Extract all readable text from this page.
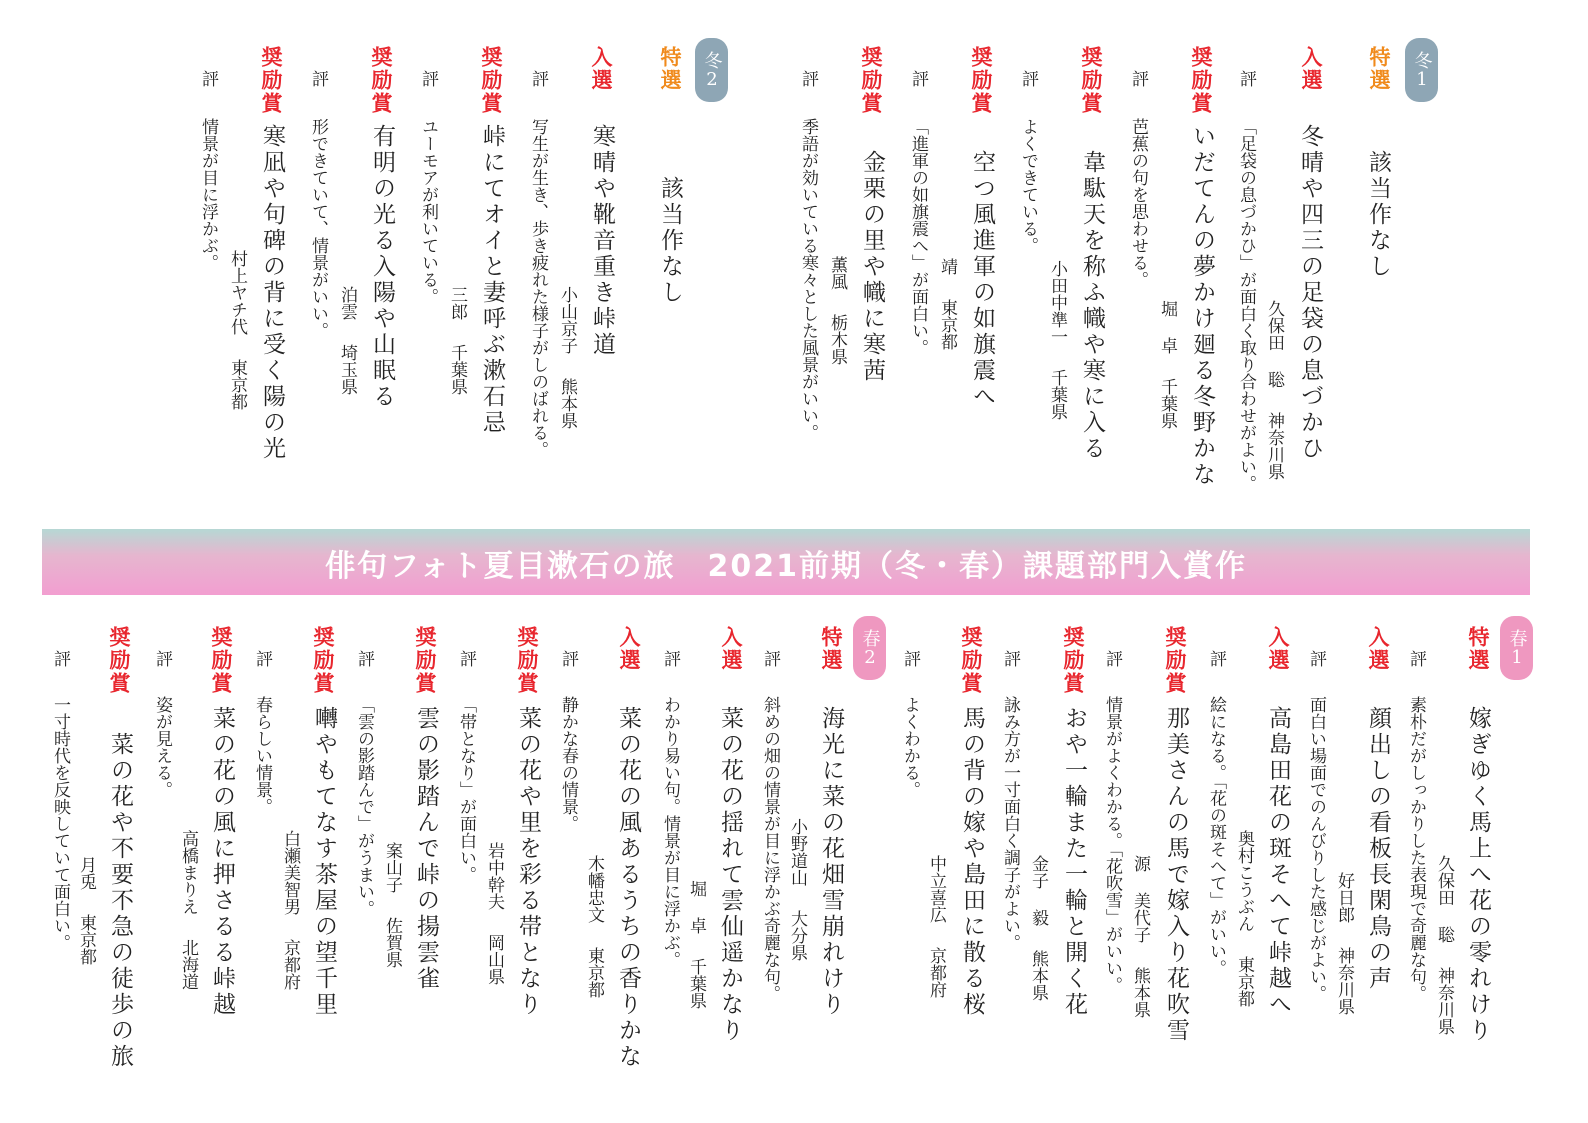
冬1
特選
該当作なし
入選
冬晴や四三の足袋の息づかひ
久保田 聡神奈川県
評
「足袋の息づかひ」が面白く取り合わせがよい。
奨励賞
いだてんの夢かけ廻る冬野かな
堀 卓千葉県
評
芭蕉の句を思わせる。
奨励賞
韋駄天を称ふ幟や寒に入る
小田中準一千葉県
評
よくできている。
奨励賞
空つ風進軍の如旗震へ
靖東京都
評
「進軍の如旗震へ」が面白い。
奨励賞
金栗の里や幟に寒茜
薫風栃木県
評
季語が効いている寒々とした風景がいい。
冬2
特選
該当作なし
入選
寒晴や靴音重き峠道
小山京子熊本県
評
写生が生き、歩き疲れた様子がしのばれる。
奨励賞
峠にてオイと妻呼ぶ漱石忌
三郎千葉県
評
ユーモアが利いている。
奨励賞
有明の光る入陽や山眠る
泊雲埼玉県
評
形できていて、情景がいい。
奨励賞
寒凪や句碑の背に受く陽の光
村上ヤチ代東京都
評
情景が目に浮かぶ。
俳句フォト夏目漱石の旅　2021前期（冬・春）課題部門入賞作
春1
特選
嫁ぎゆく馬上へ花の零れけり
久保田 聡神奈川県
評
素朴だがしっかりした表現で奇麗な句。
入選
顔出しの看板長閑鳥の声
好日郎神奈川県
評
面白い場面でのんびりした感じがよい。
入選
高島田花の斑そへて峠越へ
奥村こうぶん東京都
評
絵になる。「花の斑そへて」がいい。
奨励賞
那美さんの馬で嫁入り花吹雪
源 美代子熊本県
評
情景がよくわかる。「花吹雪」がいい。
奨励賞
おや一輪また一輪と開く花
金子 毅熊本県
評
詠み方が一寸面白く調子がよい。
奨励賞
馬の背の嫁や島田に散る桜
中立喜広京都府
評
よくわかる。
春2
特選
海光に菜の花畑雪崩れけり
小野道山大分県
評
斜めの畑の情景が目に浮かぶ奇麗な句。
入選
菜の花の揺れて雲仙遥かなり
堀 卓千葉県
評
わかり易い句。情景が目に浮かぶ。
入選
菜の花の風あるうちの香りかな
木幡忠文東京都
評
静かな春の情景。
奨励賞
菜の花や里を彩る帯となり
岩中幹夫岡山県
評
「帯となり」が面白い。
奨励賞
雲の影踏んで峠の揚雲雀
案山子佐賀県
評
「雲の影踏んで」がうまい。
奨励賞
囀やもてなす茶屋の望千里
白瀬美智男京都府
評
春らしい情景。
奨励賞
菜の花の風に押さるる峠越
高橋まりえ北海道
評
姿が見える。
奨励賞
菜の花や不要不急の徒歩の旅
月兎東京都
評
一寸時代を反映していて面白い。
